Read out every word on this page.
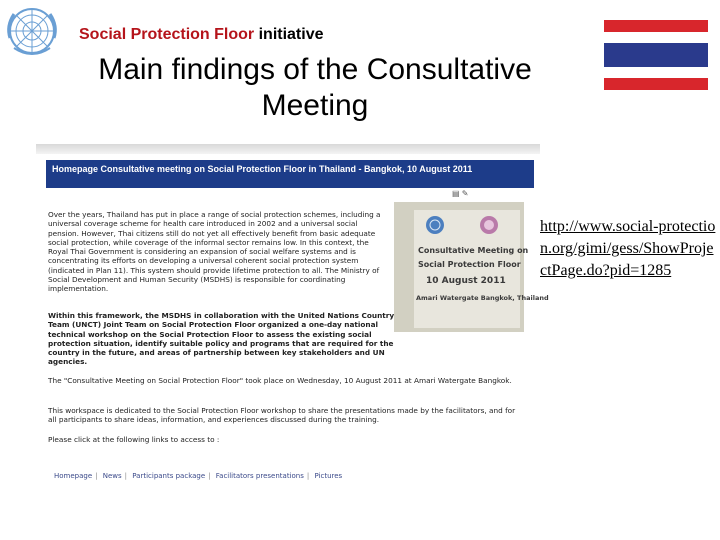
Social Protection Floor initiative
Main findings of the Consultative Meeting
Homepage Consultative meeting on Social Protection Floor in Thailand - Bangkok, 10 August 2011
▤ ✎
Over the years, Thailand has put in place a range of social protection schemes, including a universal coverage scheme for health care introduced in 2002 and a universal social pension. However, Thai citizens still do not yet all effectively benefit from basic adequate social protection, while coverage of the informal sector remains low. In this context, the Royal Thai Government is considering an expansion of social welfare systems and is concentrating its efforts on developing a universal coherent social protection system (indicated in Plan 11). This system should provide lifetime protection to all. The Ministry of Social Development and Human Security (MSDHS) is responsible for coordinating implementation.
Consultative Meeting on
Social Protection Floor
10 August 2011
Amari Watergate Bangkok, Thailand
Within this framework, the MSDHS in collaboration with the United Nations Country Team (UNCT) Joint Team on Social Protection Floor organized a one-day national technical workshop on the Social Protection Floor to assess the existing social protection situation, identify suitable policy and programs that are required for the country in the future, and areas of partnership between key stakeholders and UN agencies.
The "Consultative Meeting on Social Protection Floor" took place on Wednesday, 10 August 2011 at Amari Watergate Bangkok.
This workspace is dedicated to the Social Protection Floor workshop to share the presentations made by the facilitators, and for all participants to share ideas, information, and experiences discussed during the training.
Please click at the following links to access to :
Homepage | News | Participants package | Facilitators presentations | Pictures
http://www.social-protection.org/gimi/gess/ShowProjectPage.do?pid=1285
